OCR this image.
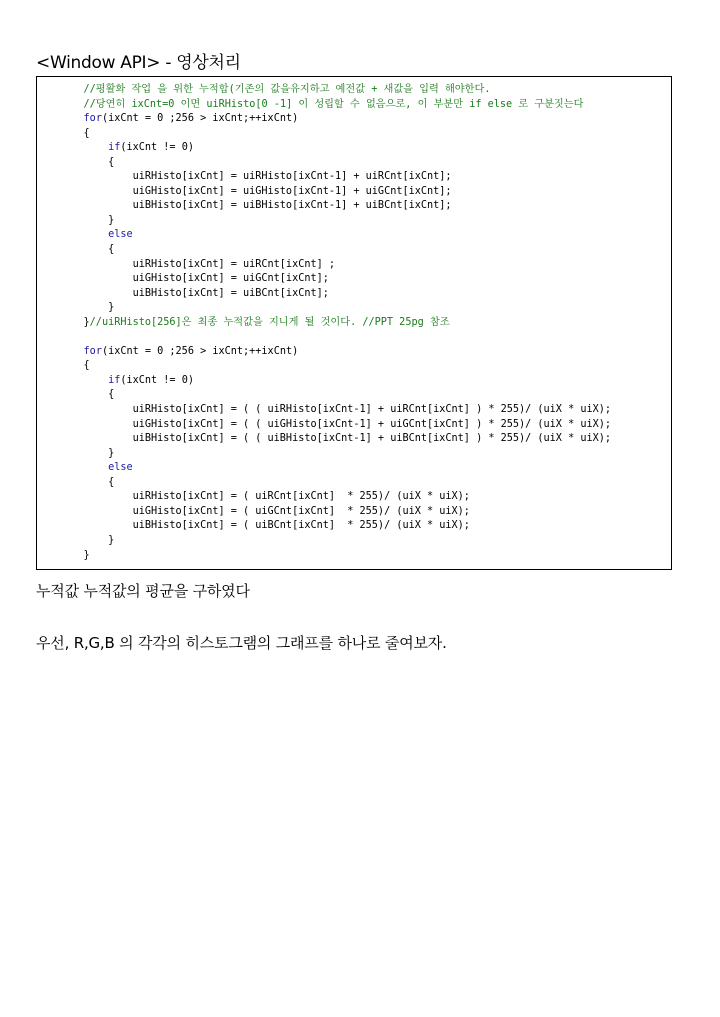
<Window API> - 영상처리
//평활화 작업 을 위한 누적합(기존의 값을유지하고 예전값 + 새값을 입력 해야한다.
//당연히 ixCnt=0 이면 uiRHisto[0 -1] 이 성립할 수 없음으로, 이 부분만 if else 로 구분짓는다
for(ixCnt = 0 ;256 > ixCnt;++ixCnt)
{
if(ixCnt != 0)
{
uiRHisto[ixCnt] = uiRHisto[ixCnt-1] + uiRCnt[ixCnt];
uiGHisto[ixCnt] = uiGHisto[ixCnt-1] + uiGCnt[ixCnt];
uiBHisto[ixCnt] = uiBHisto[ixCnt-1] + uiBCnt[ixCnt];
}
else
{
uiRHisto[ixCnt] = uiRCnt[ixCnt] ;
uiGHisto[ixCnt] = uiGCnt[ixCnt];
uiBHisto[ixCnt] = uiBCnt[ixCnt];
}
}//uiRHisto[256]은 최종 누적값을 지니게 될 것이다. //PPT 25pg 참조
for(ixCnt = 0 ;256 > ixCnt;++ixCnt)
{
if(ixCnt != 0)
{
uiRHisto[ixCnt] = ( ( uiRHisto[ixCnt-1] + uiRCnt[ixCnt] ) * 255)/ (uiX * uiX);
uiGHisto[ixCnt] = ( ( uiGHisto[ixCnt-1] + uiGCnt[ixCnt] ) * 255)/ (uiX * uiX);
uiBHisto[ixCnt] = ( ( uiBHisto[ixCnt-1] + uiBCnt[ixCnt] ) * 255)/ (uiX * uiX);
}
else
{
uiRHisto[ixCnt] = ( uiRCnt[ixCnt]  * 255)/ (uiX * uiX);
uiGHisto[ixCnt] = ( uiGCnt[ixCnt]  * 255)/ (uiX * uiX);
uiBHisto[ixCnt] = ( uiBCnt[ixCnt]  * 255)/ (uiX * uiX);
}
}
누적값 누적값의 평균을 구하였다
우선, R,G,B 의 각각의 히스토그램의 그래프를 하나로 줄여보자.
